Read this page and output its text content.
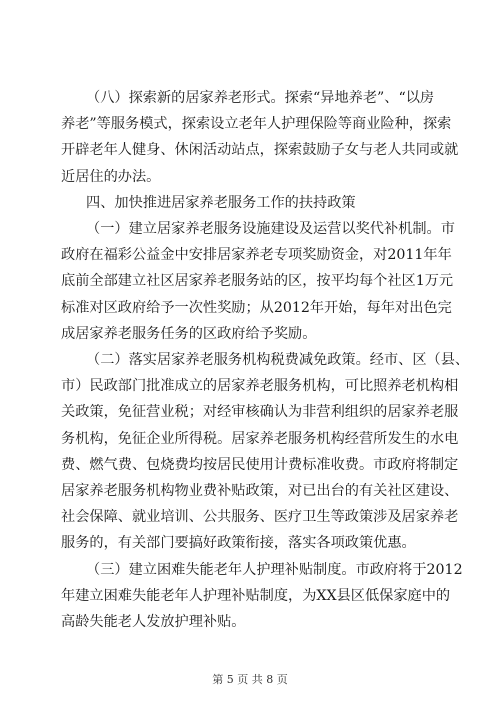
（八）探索新的居家养老形式。探索“异地养老”、“以房
养老”等服务模式，探索设立老年人护理保险等商业险种，探索
开辟老年人健身、休闲活动站点，探索鼓励子女与老人共同或就
近居住的办法。
四、加快推进居家养老服务工作的扶持政策
（一）建立居家养老服务设施建设及运营以奖代补机制。市
政府在福彩公益金中安排居家养老专项奖励资金，对2011年年
底前全部建立社区居家养老服务站的区，按平均每个社区1万元
标准对区政府给予一次性奖励；从2012年开始，每年对出色完
成居家养老服务任务的区政府给予奖励。
（二）落实居家养老服务机构税费减免政策。经市、区（县、
市）民政部门批准成立的居家养老服务机构，可比照养老机构相
关政策，免征营业税；对经审核确认为非营利组织的居家养老服
务机构，免征企业所得税。居家养老服务机构经营所发生的水电
费、燃气费、包烧费均按居民使用计费标准收费。市政府将制定
居家养老服务机构物业费补贴政策，对已出台的有关社区建设、
社会保障、就业培训、公共服务、医疗卫生等政策涉及居家养老
服务的，有关部门要搞好政策衔接，落实各项政策优惠。
（三）建立困难失能老年人护理补贴制度。市政府将于2012
年建立困难失能老年人护理补贴制度，为XX县区低保家庭中的
高龄失能老人发放护理补贴。
第 5 页 共 8 页
